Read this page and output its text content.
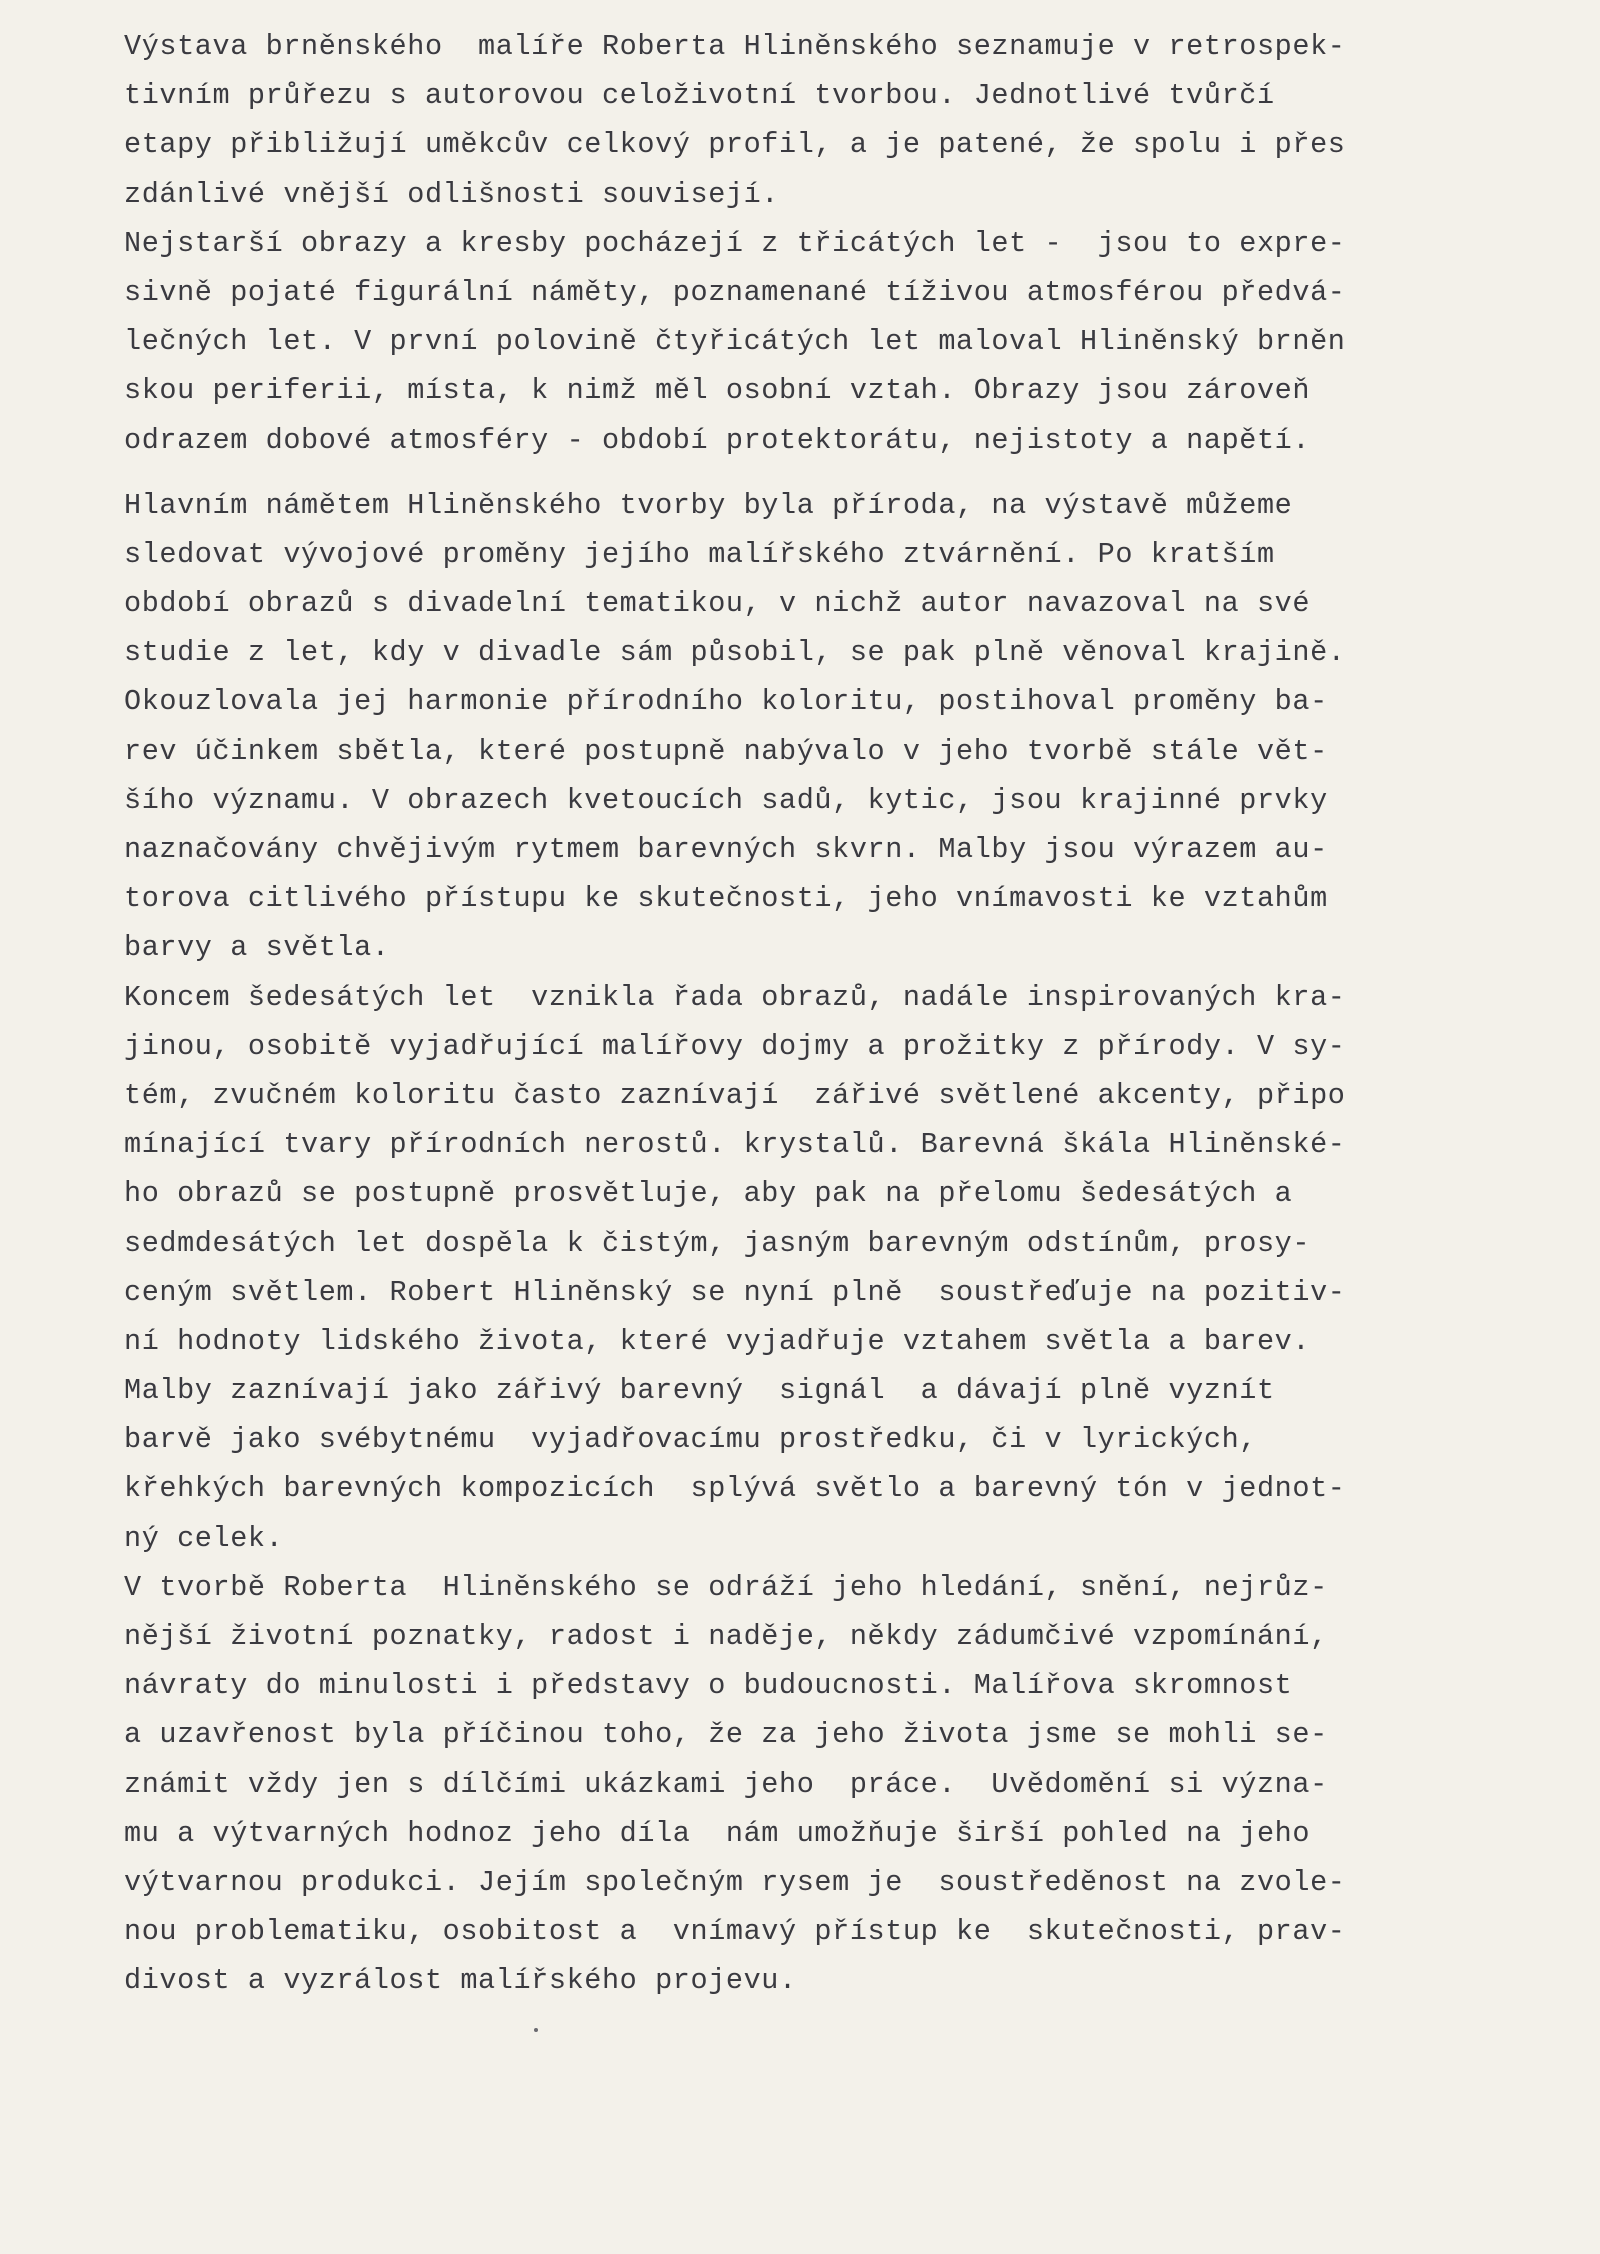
Výstava brněnského  malíře Roberta Hliněnského seznamuje v retrospek-
tivním průřezu s autorovou celoživotní tvorbou. Jednotlivé tvůrčí
etapy přibližují uměkcův celkový profil, a je patené, že spolu i přes
zdánlivé vnější odlišnosti souvisejí.
Nejstarší obrazy a kresby pocházejí z třicátých let -  jsou to expre-
sivně pojaté figurální náměty, poznamenané tíživou atmosférou předvá-
lečných let. V první polovině čtyřicátých let maloval Hliněnský brněn
skou periferii, místa, k nimž měl osobní vztah. Obrazy jsou zároveň
odrazem dobové atmosféry - období protektorátu, nejistoty a napětí.
Hlavním námětem Hliněnského tvorby byla příroda, na výstavě můžeme
sledovat vývojové proměny jejího malířského ztvárnění. Po kratším
období obrazů s divadelní tematikou, v nichž autor navazoval na své
studie z let, kdy v divadle sám působil, se pak plně věnoval krajině.
Okouzlovala jej harmonie přírodního koloritu, postihoval proměny ba-
rev účinkem sbětla, které postupně nabývalo v jeho tvorbě stále vět-
šího významu. V obrazech kvetoucích sadů, kytic, jsou krajinné prvky
naznačovány chvějivým rytmem barevných skvrn. Malby jsou výrazem au-
torova citlivého přístupu ke skutečnosti, jeho vnímavosti ke vztahům
barvy a světla.
Koncem šedesátých let  vznikla řada obrazů, nadále inspirovaných kra-
jinou, osobitě vyjadřující malířovy dojmy a prožitky z přírody. V sy-
tém, zvučném koloritu často zaznívají  zářivé světlené akcenty, připo
mínající tvary přírodních nerostů. krystalů. Barevná škála Hliněnské-
ho obrazů se postupně prosvětluje, aby pak na přelomu šedesátých a
sedmdesátých let dospěla k čistým, jasným barevným odstínům, prosy-
ceným světlem. Robert Hliněnský se nyní plně  soustřeďuje na pozitiv-
ní hodnoty lidského života, které vyjadřuje vztahem světla a barev.
Malby zaznívají jako zářivý barevný  signál  a dávají plně vyznít
barvě jako svébytnému  vyjadřovacímu prostředku, či v lyrických,
křehkých barevných kompozicích  splývá světlo a barevný tón v jednot-
ný celek.
V tvorbě Roberta  Hliněnského se odráží jeho hledání, snění, nejrůz-
nější životní poznatky, radost i naděje, někdy zádumčivé vzpomínání,
návraty do minulosti i představy o budoucnosti. Malířova skromnost
a uzavřenost byla příčinou toho, že za jeho života jsme se mohli se-
známit vždy jen s dílčími ukázkami jeho  práce.  Uvědomění si význa-
mu a výtvarných hodnoz jeho díla  nám umožňuje širší pohled na jeho
výtvarnou produkci. Jejím společným rysem je  soustředěnost na zvole-
nou problematiku, osobitost a  vnímavý přístup ke  skutečnosti, prav-
divost a vyzrálost malířského projevu.
